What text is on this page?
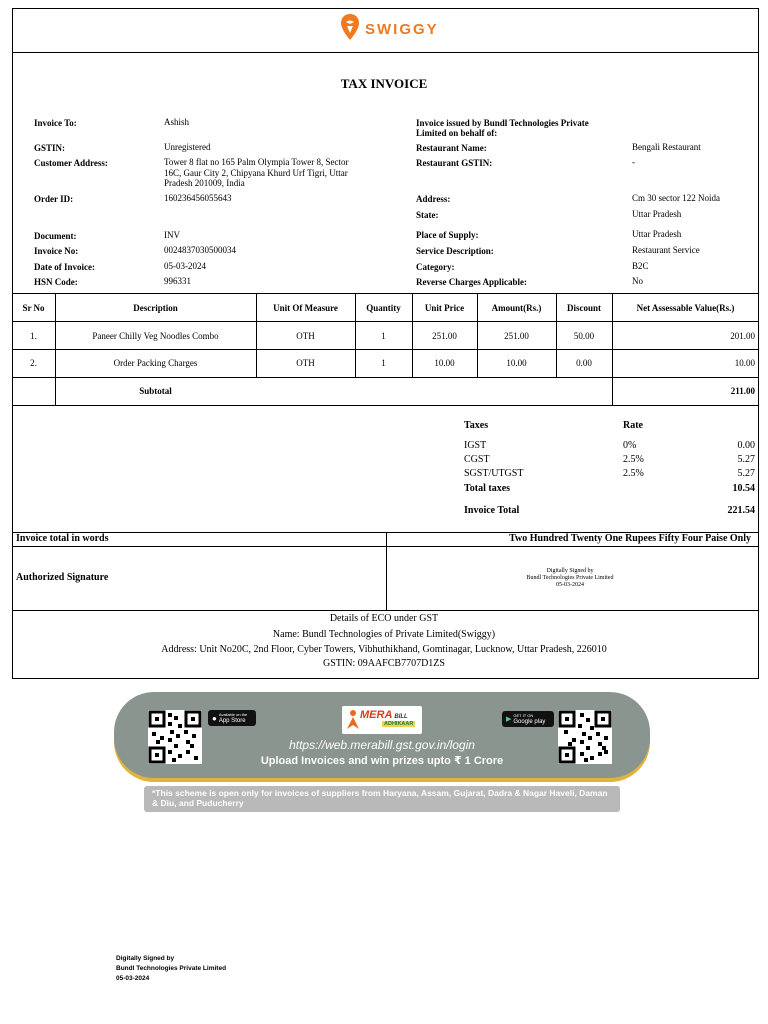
SWIGGY
TAX INVOICE
Invoice To:	Ashish
GSTIN:	Unregistered
Customer Address:	Tower 8 flat no 165 Palm Olympia Tower 8, Sector
16C, Gaur City 2, Chipyana Khurd Urf Tigri, Uttar
Pradesh 201009, India
Order ID:	160236456055643
Document:	INV
Invoice No:	0024837030500034
Date of Invoice:	05-03-2024
HSN Code:	996331
Invoice issued by Bundl Technologies Private
Limited on behalf of:
Restaurant Name:	Bengali Restaurant
Restaurant GSTIN:	-
Address:	Cm 30 sector 122 Noida
State:	Uttar Pradesh
Place of Supply:	Uttar Pradesh
Service Description:	Restaurant Service
Category:	B2C
Reverse Charges Applicable:	No
Sr No	Description	Unit Of Measure	Quantity	Unit Price	Amount(Rs.)	Discount	Net Assessable Value(Rs.)
1.	Paneer Chilly Veg Noodles Combo	OTH	1	251.00	251.00	50.00	201.00
2.	Order Packing Charges	OTH	1	10.00	10.00	0.00	10.00
Subtotal	211.00
Taxes	Rate
IGST	0%	0.00
CGST	2.5%	5.27
SGST/UTGST	2.5%	5.27
Total taxes	10.54
Invoice Total	221.54
Invoice total in words	Two Hundred Twenty One Rupees Fifty Four Paise Only
Authorized Signature
Digitally Signed by
Bundl Technologies Private Limited
05-03-2024
Details of ECO under GST
Name: Bundl Technologies of Private Limited(Swiggy)
Address: Unit No20C, 2nd Floor, Cyber Towers, Vibhuthikhand, Gomtinagar, Lucknow, Uttar Pradesh, 226010
GSTIN: 09AAFCB7707D1ZS
● Available on the
App Store	MERA BILL
ADHIKAAR
▶
GET IT ON
Google play
https://web.merabill.gst.gov.in/login
Upload Invoices and win prizes upto ₹ 1 Crore
*This scheme is open only for invoices of suppliers from Haryana, Assam, Gujarat, Dadra & Nagar Haveli, Daman & Diu, and Puducherry
Digitally Signed by
Bundl Technologies Private Limited
05-03-2024
